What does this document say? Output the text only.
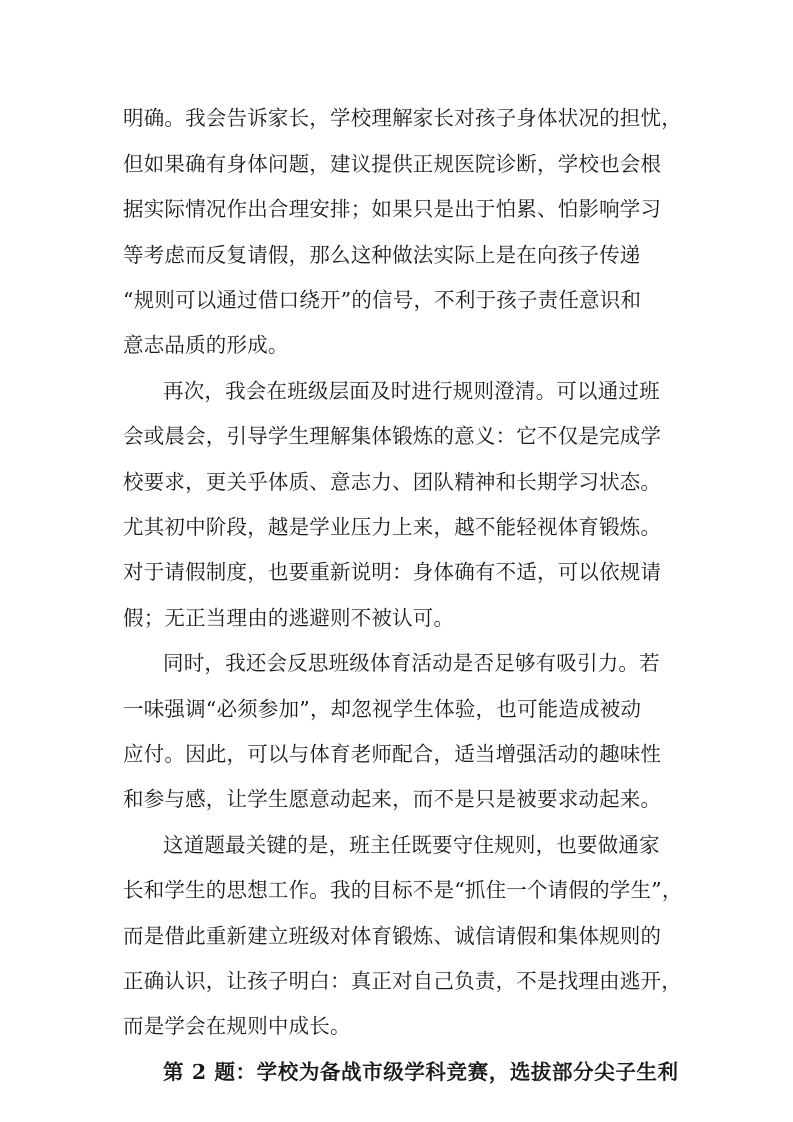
明确。我会告诉家长，学校理解家长对孩子身体状况的担忧，
但如果确有身体问题，建议提供正规医院诊断，学校也会根
据实际情况作出合理安排；如果只是出于怕累、怕影响学习
等考虑而反复请假，那么这种做法实际上是在向孩子传递
“规则可以通过借口绕开”的信号，不利于孩子责任意识和
意志品质的形成。
再次，我会在班级层面及时进行规则澄清。可以通过班
会或晨会，引导学生理解集体锻炼的意义：它不仅是完成学
校要求，更关乎体质、意志力、团队精神和长期学习状态。
尤其初中阶段，越是学业压力上来，越不能轻视体育锻炼。
对于请假制度，也要重新说明：身体确有不适，可以依规请
假；无正当理由的逃避则不被认可。
同时，我还会反思班级体育活动是否足够有吸引力。若
一味强调“必须参加”，却忽视学生体验，也可能造成被动
应付。因此，可以与体育老师配合，适当增强活动的趣味性
和参与感，让学生愿意动起来，而不是只是被要求动起来。
这道题最关键的是，班主任既要守住规则，也要做通家
长和学生的思想工作。我的目标不是“抓住一个请假的学生”，
而是借此重新建立班级对体育锻炼、诚信请假和集体规则的
正确认识，让孩子明白：真正对自己负责，不是找理由逃开，
而是学会在规则中成长。
第 2 题：学校为备战市级学科竞赛，选拔部分尖子生利
